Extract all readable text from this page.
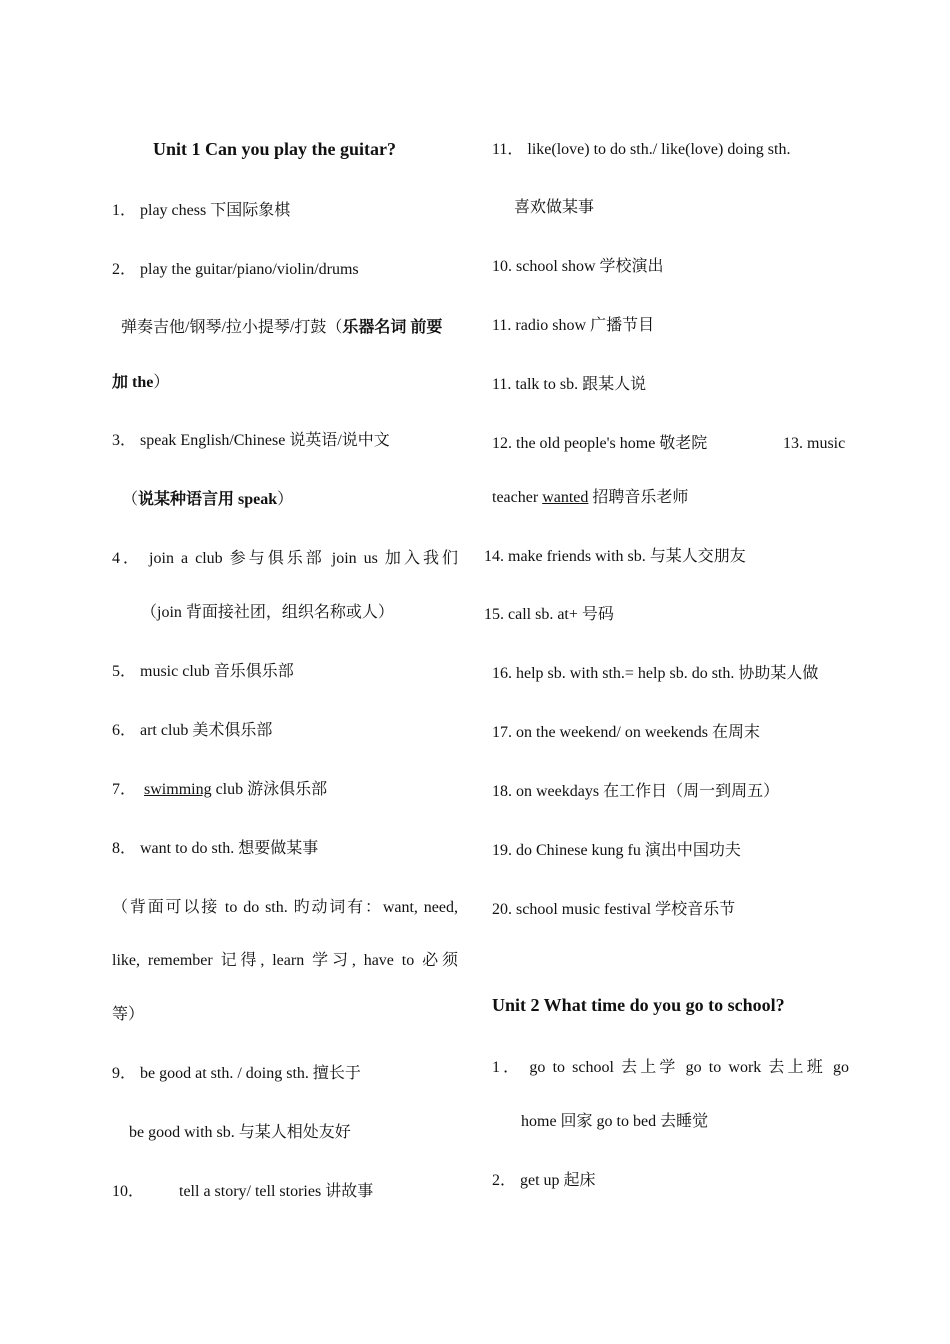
Unit 1 Can you play the guitar?
1． play chess 下国际象棋
2． play the guitar/piano/violin/drums
弹奏吉他/钢琴/拉小提琴/打鼓（乐器名词 前要
加 the）
3． speak English/Chinese 说英语/说中文
（说某种语言用 speak）
4． join a club 参与俱乐部 join us 加入我们
（join 背面接社团，组织名称或人）
5． music club 音乐俱乐部
6． art club 美术俱乐部
7．  swimming club 游泳俱乐部
8． want to do sth. 想要做某事
（背面可以接 to do sth. 旳动词有：want, need,
like, remember 记得, learn 学习, have to 必须
等）
9． be good at sth. / doing sth. 擅长于
be good with sb. 与某人相处友好
10． tell a story/ tell stories 讲故事
11． like(love) to do sth./ like(love) doing sth.
喜欢做某事
10. school show 学校演出
11. radio show 广播节目
11. talk to sb. 跟某人说
12. the old people's home 敬老院	13. music
teacher wanted 招聘音乐老师
14. make friends with sb. 与某人交朋友
15. call sb. at+ 号码
16. help sb. with sth.= help sb. do sth. 协助某人做
17. on the weekend/ on weekends 在周末
18. on weekdays 在工作日（周一到周五）
19. do Chinese kung fu 演出中国功夫
20. school music festival 学校音乐节
Unit 2 What time do you go to school?
1． go to school 去上学 go to work 去上班 go
home 回家 go to bed 去睡觉
2． get up 起床
